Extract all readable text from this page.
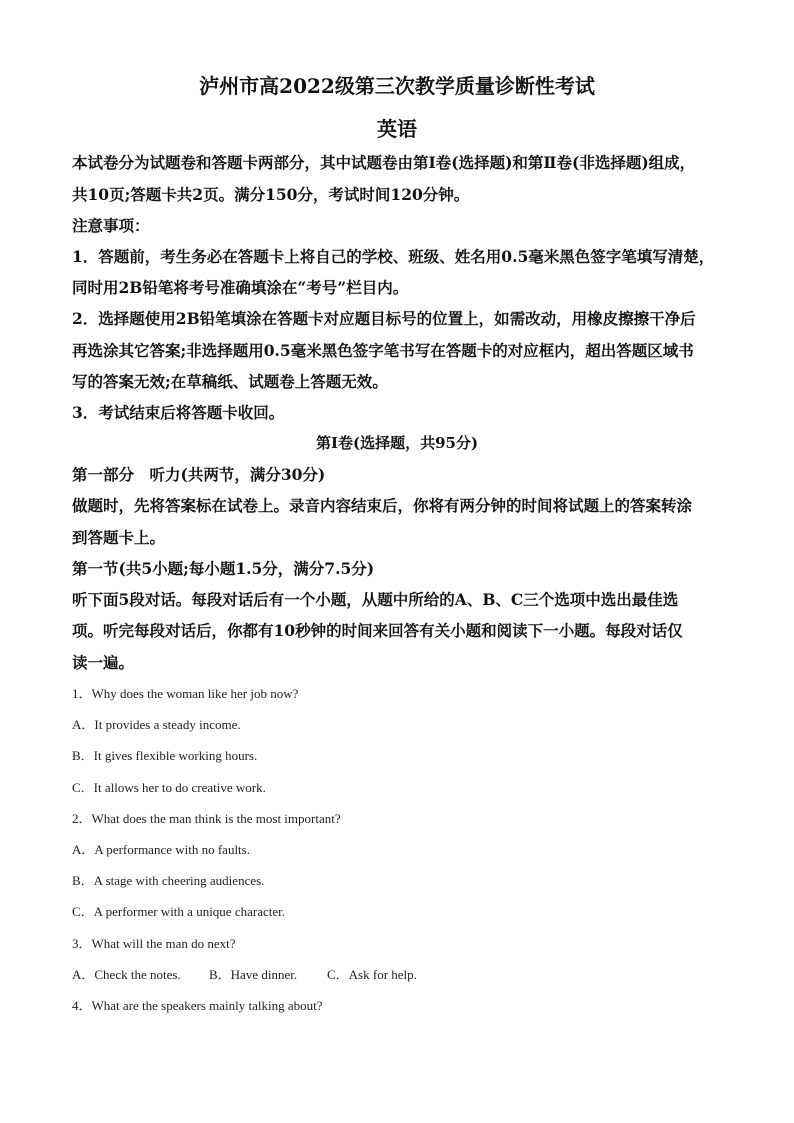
泸州市高2022级第三次教学质量诊断性考试
英语
本试卷分为试题卷和答题卡两部分，其中试题卷由第Ⅰ卷(选择题)和第Ⅱ卷(非选择题)组成，
共10页;答题卡共2页。满分150分，考试时间120分钟。
注意事项：
1．答题前，考生务必在答题卡上将自己的学校、班级、姓名用0.5毫米黑色签字笔填写清楚，
同时用2B铅笔将考号准确填涂在“考号”栏目内。
2．选择题使用2B铅笔填涂在答题卡对应题目标号的位置上，如需改动，用橡皮擦擦干净后
再选涂其它答案;非选择题用0.5毫米黑色签字笔书写在答题卡的对应框内，超出答题区域书
写的答案无效;在草稿纸、试题卷上答题无效。
3．考试结束后将答题卡收回。
第Ⅰ卷(选择题，共95分)
第一部分　听力(共两节，满分30分)
做题时，先将答案标在试卷上。录音内容结束后，你将有两分钟的时间将试题上的答案转涂
到答题卡上。
第一节(共5小题;每小题1.5分，满分7.5分)
听下面5段对话。每段对话后有一个小题，从题中所给的A、B、C三个选项中选出最佳选
项。听完每段对话后，你都有10秒钟的时间来回答有关小题和阅读下一小题。每段对话仅
读一遍。
1．Why does the woman like her job now?
A．It provides a steady income.
B．It gives flexible working hours.
C．It allows her to do creative work.
2．What does the man think is the most important?
A．A performance with no faults.
B．A stage with cheering audiences.
C．A performer with a unique character.
3．What will the man do next?
A．Check the notes. B．Have dinner. C．Ask for help.
4．What are the speakers mainly talking about?
